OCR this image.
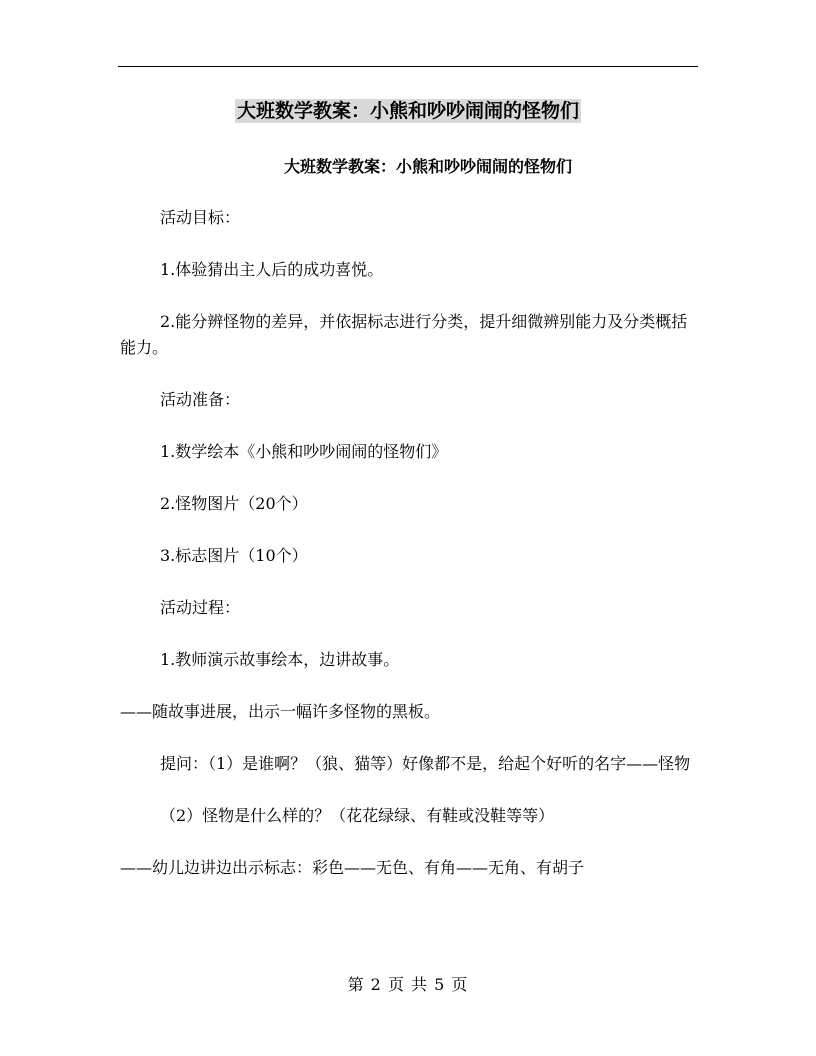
大班数学教案：小熊和吵吵闹闹的怪物们
大班数学教案：小熊和吵吵闹闹的怪物们

活动目标：

1.体验猜出主人后的成功喜悦。

2.能分辨怪物的差异，并依据标志进行分类，提升细微辨别能力及分类概括能力。

活动准备：

1.数学绘本《小熊和吵吵闹闹的怪物们》

2.怪物图片（20个）

3.标志图片（10个）

活动过程：

1.教师演示故事绘本，边讲故事。

——随故事进展，出示一幅许多怪物的黑板。

提问：（1）是谁啊？（狼、猫等）好像都不是，给起个好听的名字——怪物

（2）怪物是什么样的？（花花绿绿、有鞋或没鞋等等）

——幼儿边讲边出示标志：彩色——无色、有角——无角、有胡子

第 2 页 共 5 页
